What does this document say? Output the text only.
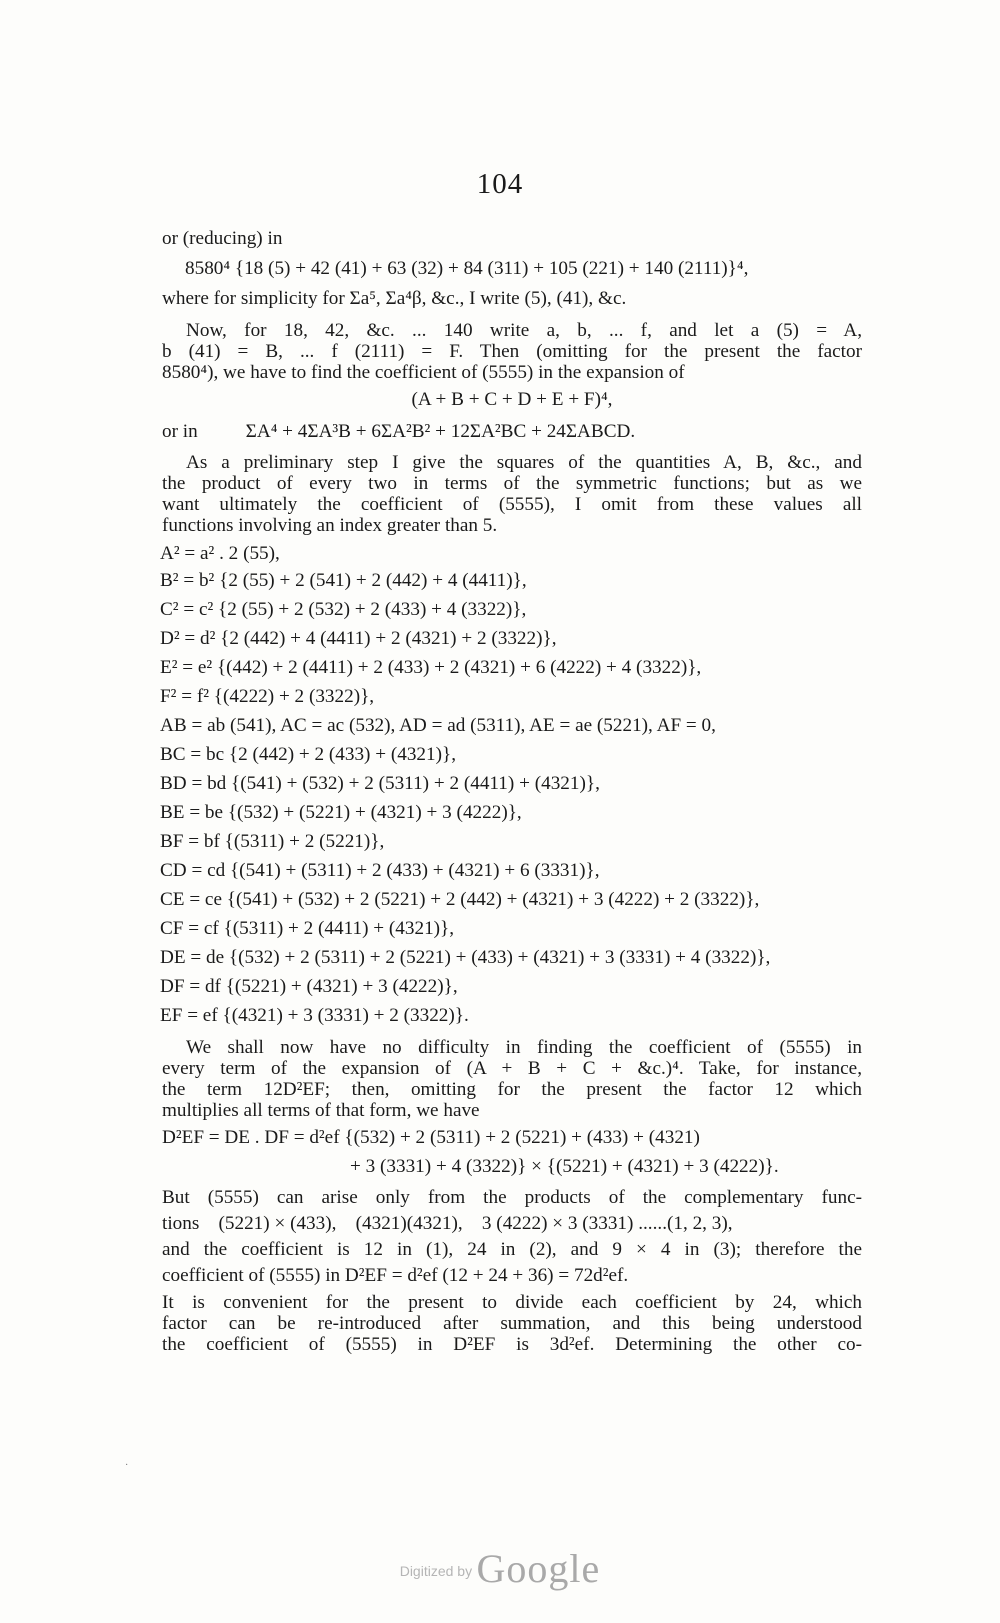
104
or (reducing) in
8580⁴ {18 (5) + 42 (41) + 63 (32) + 84 (311) + 105 (221) + 140 (2111)}⁴,
where for simplicity for Σa⁵, Σa⁴β, &c., I write (5), (41), &c.
Now, for 18, 42, &c. ... 140 write a, b, ... f, and let a (5) = A,
b (41) = B, ... f (2111) = F. Then (omitting for the present the factor
8580⁴), we have to find the coefficient of (5555) in the expansion of
(A + B + C + D + E + F)⁴,
or in          ΣA⁴ + 4ΣA³B + 6ΣA²B² + 12ΣA²BC + 24ΣABCD.
As a preliminary step I give the squares of the quantities A, B, &c., and
the product of every two in terms of the symmetric functions; but as we
want ultimately the coefficient of (5555), I omit from these values all
functions involving an index greater than 5.
A² = a² . 2 (55),
B² = b² {2 (55) + 2 (541) + 2 (442) + 4 (4411)},
C² = c² {2 (55) + 2 (532) + 2 (433) + 4 (3322)},
D² = d² {2 (442) + 4 (4411) + 2 (4321) + 2 (3322)},
E² = e² {(442) + 2 (4411) + 2 (433) + 2 (4321) + 6 (4222) + 4 (3322)},
F² = f² {(4222) + 2 (3322)},
AB = ab (541), AC = ac (532), AD = ad (5311), AE = ae (5221), AF = 0,
BC = bc {2 (442) + 2 (433) + (4321)},
BD = bd {(541) + (532) + 2 (5311) + 2 (4411) + (4321)},
BE = be {(532) + (5221) + (4321) + 3 (4222)},
BF = bf {(5311) + 2 (5221)},
CD = cd {(541) + (5311) + 2 (433) + (4321) + 6 (3331)},
CE = ce {(541) + (532) + 2 (5221) + 2 (442) + (4321) + 3 (4222) + 2 (3322)},
CF = cf {(5311) + 2 (4411) + (4321)},
DE = de {(532) + 2 (5311) + 2 (5221) + (433) + (4321) + 3 (3331) + 4 (3322)},
DF = df {(5221) + (4321) + 3 (4222)},
EF = ef {(4321) + 3 (3331) + 2 (3322)}.
We shall now have no difficulty in finding the coefficient of (5555) in
every term of the expansion of (A + B + C + &c.)⁴. Take, for instance,
the term 12D²EF; then, omitting for the present the factor 12 which
multiplies all terms of that form, we have
D²EF = DE . DF = d²ef {(532) + 2 (5311) + 2 (5221) + (433) + (4321)
+ 3 (3331) + 4 (3322)} × {(5221) + (4321) + 3 (4222)}.
But (5555) can arise only from the products of the complementary func-
tions    (5221) × (433),    (4321)(4321),    3 (4222) × 3 (3331) ......(1, 2, 3),
and the coefficient is 12 in (1), 24 in (2), and 9 × 4 in (3); therefore the
coefficient of (5555) in D²EF = d²ef (12 + 24 + 36) = 72d²ef.
It is convenient for the present to divide each coefficient by 24, which
factor can be re-introduced after summation, and this being understood
the coefficient of (5555) in D²EF is 3d²ef. Determining the other co-
·
Digitized by Google
